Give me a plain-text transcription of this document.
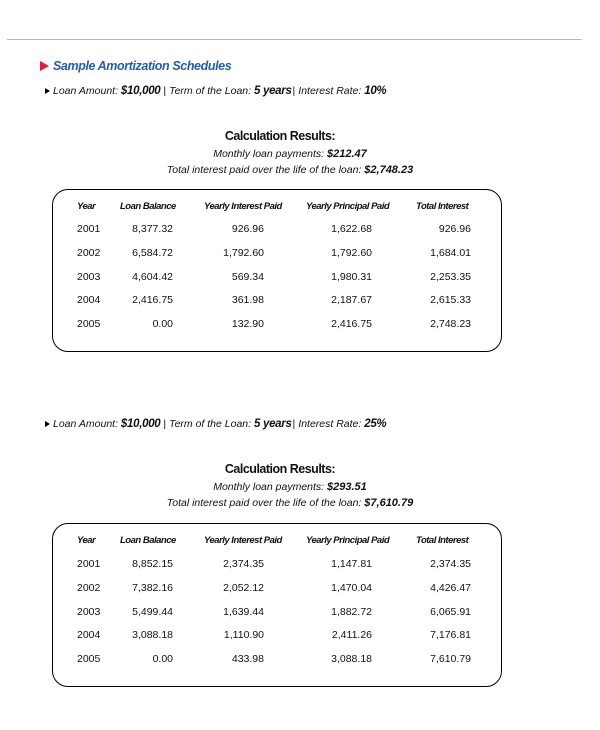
Sample Amortization Schedules
Loan Amount:
$10,000 | Term of the Loan:
5 years | Interest Rate:
10%
Calculation Results:
Monthly loan payments: $212.47
Total interest paid over the life of the loan: $2,748.23
Year	Loan Balance	Yearly Interest Paid	Yearly Principal Paid	Total Interest
2001	8,377.32	926.96	1,622.68	926.96
2002	6,584.72	1,792.60	1,792.60	1,684.01
2003	4,604.42	569.34	1,980.31	2,253.35
2004	2,416.75	361.98	2,187.67	2,615.33
2005	0.00	132.90	2,416.75	2,748.23
Loan Amount:
$10,000 | Term of the Loan:
5 years | Interest Rate:
25%
Calculation Results:
Monthly loan payments: $293.51
Total interest paid over the life of the loan: $7,610.79
Year	Loan Balance	Yearly Interest Paid	Yearly Principal Paid	Total Interest
2001	8,852.15	2,374.35	1,147.81	2,374.35
2002	7,382.16	2,052.12	1,470.04	4,426.47
2003	5,499.44	1,639.44	1,882.72	6,065.91
2004	3,088.18	1,110.90	2,411.26	7,176.81
2005	0.00	433.98	3,088.18	7,610.79
